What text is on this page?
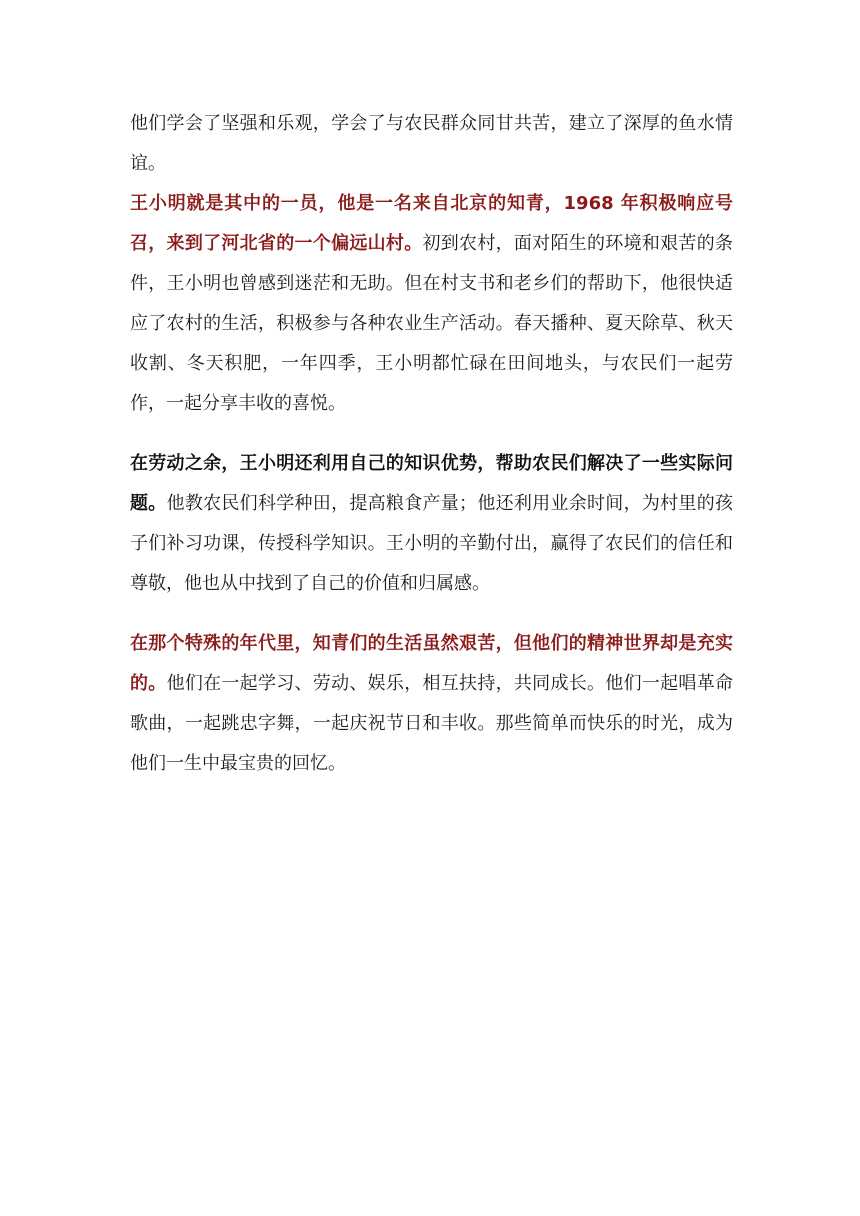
他们学会了坚强和乐观，学会了与农民群众同甘共苦，建立了深厚的鱼水情谊。

王小明就是其中的一员，他是一名来自北京的知青，1968 年积极响应号召，来到了河北省的一个偏远山村。初到农村，面对陌生的环境和艰苦的条件，王小明也曾感到迷茫和无助。但在村支书和老乡们的帮助下，他很快适应了农村的生活，积极参与各种农业生产活动。春天播种、夏天除草、秋天收割、冬天积肥，一年四季，王小明都忙碌在田间地头，与农民们一起劳作，一起分享丰收的喜悦。

在劳动之余，王小明还利用自己的知识优势，帮助农民们解决了一些实际问题。他教农民们科学种田，提高粮食产量；他还利用业余时间，为村里的孩子们补习功课，传授科学知识。王小明的辛勤付出，赢得了农民们的信任和尊敬，他也从中找到了自己的价值和归属感。

在那个特殊的年代里，知青们的生活虽然艰苦，但他们的精神世界却是充实的。他们在一起学习、劳动、娱乐，相互扶持，共同成长。他们一起唱革命歌曲，一起跳忠字舞，一起庆祝节日和丰收。那些简单而快乐的时光，成为他们一生中最宝贵的回忆。
